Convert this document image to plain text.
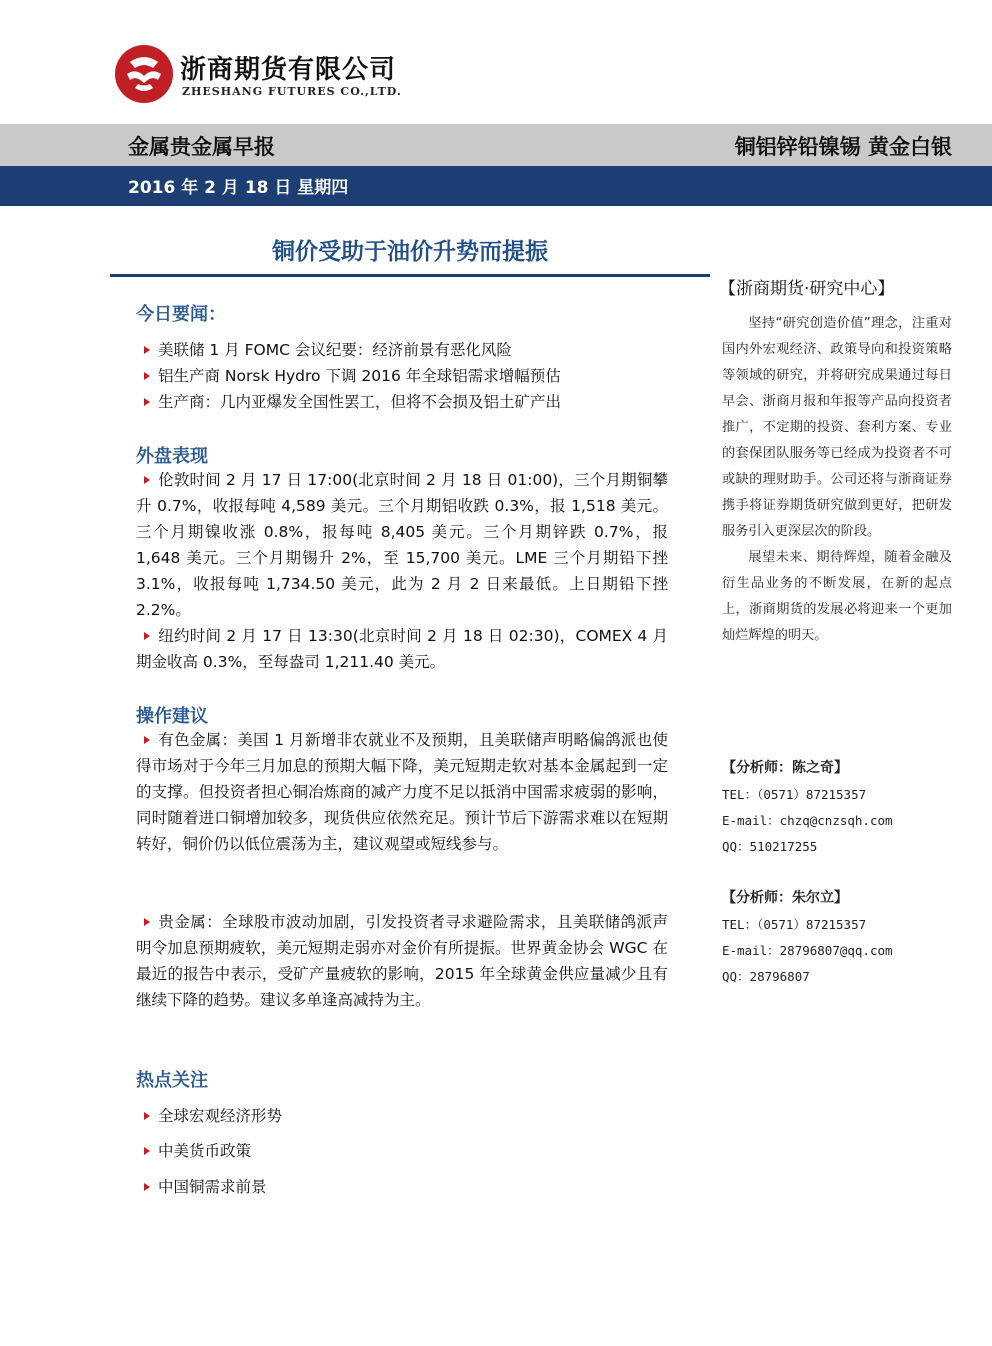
浙商期货有限公司
ZHESHANG FUTURES CO.,LTD.
金属贵金属早报	铜铝锌铅镍锡 黄金白银
2016 年 2 月 18 日 星期四
铜价受助于油价升势而提振
今日要闻：
美联储 1 月 FOMC 会议纪要：经济前景有恶化风险
铝生产商 Norsk Hydro 下调 2016 年全球铝需求增幅预估
生产商：几内亚爆发全国性罢工，但将不会损及铝土矿产出
外盘表现
伦敦时间 2 月 17 日 17:00(北京时间 2 月 18 日 01:00)，三个月期铜攀升 0.7%，收报每吨 4,589 美元。三个月期铝收跌 0.3%，报 1,518 美元。三个月期镍收涨 0.8%，报每吨 8,405 美元。三个月期锌跌 0.7%，报 1,648 美元。三个月期锡升 2%，至 15,700 美元。LME 三个月期铅下挫 3.1%，收报每吨 1,734.50 美元，此为 2 月 2 日来最低。上日期铅下挫 2.2%。
纽约时间 2 月 17 日 13:30(北京时间 2 月 18 日 02:30)，COMEX 4 月期金收高 0.3%，至每盎司 1,211.40 美元。
操作建议
有色金属：美国 1 月新增非农就业不及预期，且美联储声明略偏鸽派也使得市场对于今年三月加息的预期大幅下降，美元短期走软对基本金属起到一定的支撑。但投资者担心铜冶炼商的减产力度不足以抵消中国需求疲弱的影响，同时随着进口铜增加较多，现货供应依然充足。预计节后下游需求难以在短期转好，铜价仍以低位震荡为主，建议观望或短线参与。
贵金属：全球股市波动加剧，引发投资者寻求避险需求，且美联储鸽派声明令加息预期疲软，美元短期走弱亦对金价有所提振。世界黄金协会 WGC 在最近的报告中表示，受矿产量疲软的影响，2015 年全球黄金供应量减少且有继续下降的趋势。建议多单逢高减持为主。
热点关注
全球宏观经济形势
中美货币政策
中国铜需求前景
【浙商期货·研究中心】

坚持“研究创造价值”理念，注重对国内外宏观经济、政策导向和投资策略等领域的研究，并将研究成果通过每日早会、浙商月报和年报等产品向投资者推广，不定期的投资、套利方案、专业的套保团队服务等已经成为投资者不可或缺的理财助手。公司还将与浙商证券携手将证券期货研究做到更好，把研发服务引入更深层次的阶段。

展望未来、期待辉煌，随着金融及衍生品业务的不断发展，在新的起点上，浙商期货的发展必将迎来一个更加灿烂辉煌的明天。

【分析师：陈之奇】
TEL：（0571）87215357
E-mail：chzq@cnzsqh.com
QQ：510217255
【分析师：朱尔立】
TEL：（0571）87215357
E-mail：28796807@qq.com
QQ：28796807
